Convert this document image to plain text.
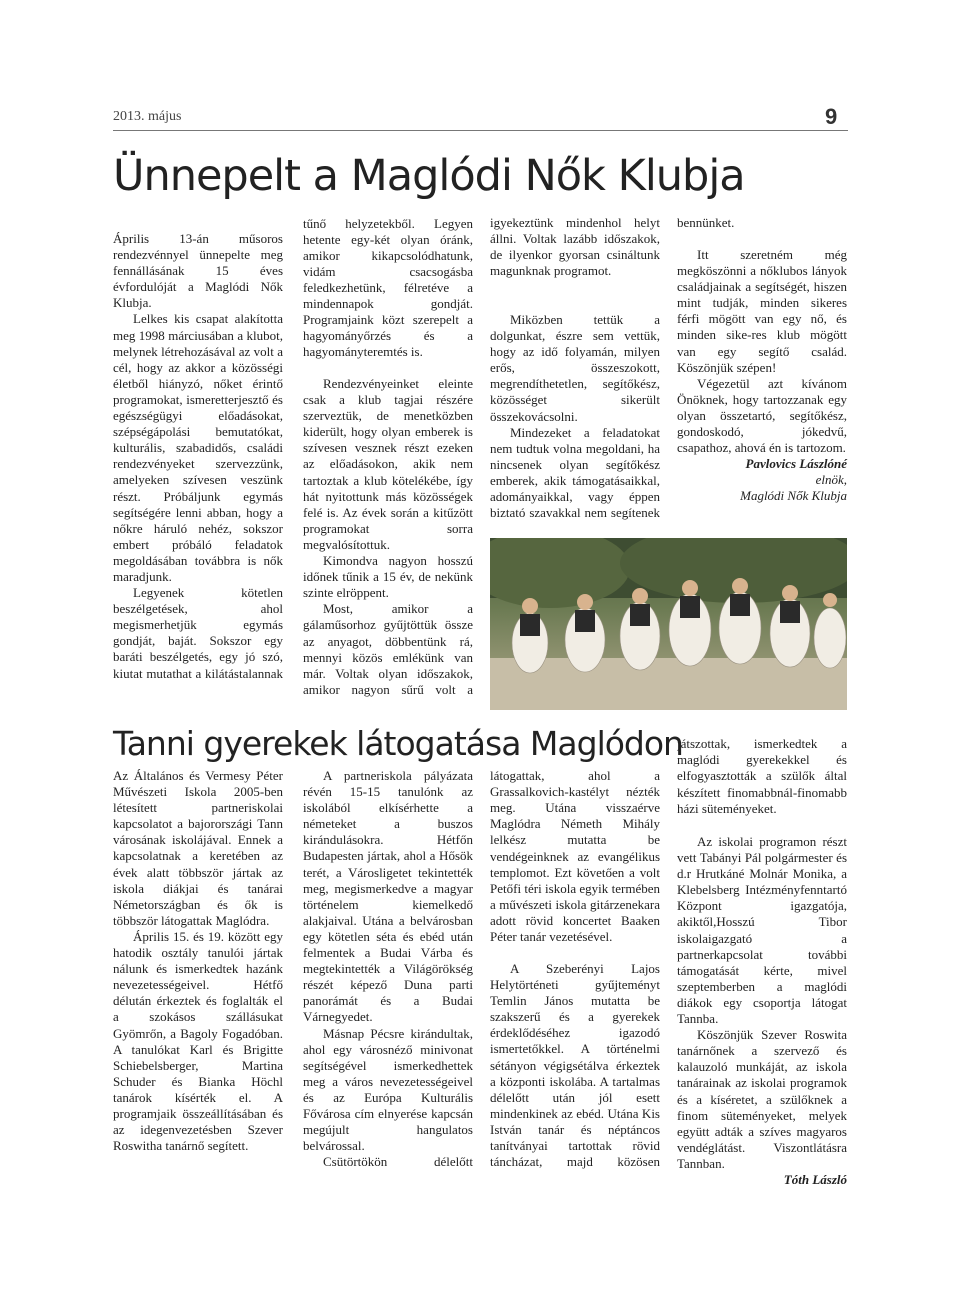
2013. május	9
Ünnepelt a Maglódi Nők Klubja

Április 13-án műsoros rendezvénnyel ünnepelte meg fennállásának 15 éves évfordulóját a Maglódi Nők Klubja.

Lelkes kis csapat alakította meg 1998 márciusában a klubot, melynek létrehozásával az volt a cél, hogy az akkor a közösségi életből hiányzó, nőket érintő programokat, ismeretterjesztő és egészségügyi előadásokat, szépségápolási bemutatókat, kulturális, szabadidős, családi rendezvényeket szervezzünk, amelyeken szívesen veszünk részt. Próbáljunk egymás segítségére lenni abban, hogy a nőkre háruló nehéz, sokszor embert próbáló feladatok megoldásában továbbra is nők maradjunk.

Legyenek kötetlen beszélgetések, ahol megismerhetjük egymás gondját, baját. Sokszor egy baráti beszélgetés, egy jó szó, kiutat mutathat a kilátástalannak

tűnő helyzetekből. Legyen hetente egy-két olyan óránk, amikor kikapcsolódhatunk, vidám csacsogásba feledkezhetünk, félretéve a mindennapok gondját. Programjaink közt szerepelt a hagyományőrzés és a hagyományteremtés is.

Rendezvényeinket eleinte csak a klub tagjai részére szerveztük, de menetközben kiderült, hogy olyan emberek is szívesen vesznek részt ezeken az előadásokon, akik nem tartoztak a klub kötelékébe, így hát nyitottunk más közösségek felé is. Az évek során a kitűzött programokat sorra megvalósítottuk.

Kimondva nagyon hosszú időnek tűnik a 15 év, de nekünk szinte elröppent.

Most, amikor a gálaműsorhoz gyűjtöttük össze az anyagot, döbbentünk rá, mennyi közös emlékünk van már. Voltak olyan időszakok, amikor nagyon sűrű volt a

igyekeztünk mindenhol helyt állni. Voltak lazább időszakok, de ilyenkor gyorsan csináltunk magunknak programot.

Miközben tettük a dolgunkat, észre sem vettük, hogy az idő folyamán, milyen erős, összeszokott, megrendíthetetlen, segítőkész, közösséget sikerült összekovácsolni.

Mindezeket a feladatokat nem tudtuk volna megoldani, ha nincsenek olyan segítőkész emberek, akik támogatásaikkal, adományaikkal, vagy éppen biztató szavakkal nem segítenek

bennünket.

Itt szeretném még megköszönni a nőklubos lányok családjainak a segítségét, hiszen mint tudják, minden sikeres férfi mögött van egy nő, és minden sike-res klub mögött van egy segítő család. Köszönjük szépen!

Végezetül azt kívánom Önöknek, hogy tartozzanak egy olyan összetartó, segítőkész, gondoskodó, jókedvű, csapathoz, ahová én is tartozom.

Pavlovics Lászlóné
elnök,
Maglódi Nők Klubja
Tanni gyerekek látogatása Maglódon

Az Általános és Vermesy Péter Művészeti Iskola 2005-ben létesített partneriskolai kapcsolatot a bajorországi Tann városának iskolájával. Ennek a kapcsolatnak a keretében az évek alatt többször jártak az iskola diákjai és tanárai Németországban és ők is többször látogattak Maglódra.

Április 15. és 19. között egy hatodik osztály tanulói jártak nálunk és ismerkedtek hazánk nevezetességeivel. Hétfő délután érkeztek és foglalták el a szokásos szállásukat Gyömrőn, a Bagoly Fogadóban. A tanulókat Karl és Brigitte Schiebelsberger, Martina Schuder és Bianka Höchl tanárok kísérték el. A programjaik összeállításában és az idegenvezetésben Szever Roswitha tanárnő segített.

A partneriskola pályázata révén 15-15 tanulónk az iskolából elkísérhette a németeket a buszos kirándulásokra. Hétfőn Budapesten jártak, ahol a Hősök terét, a Városligetet tekintették meg, megismerkedve a magyar történelem kiemelkedő alakjaival. Utána a belvárosban egy kötetlen séta és ebéd után felmentek a Budai Várba és megtekintették a Világörökség részét képező Duna parti panorámát és a Budai Várnegyedet.

Másnap Pécsre kirándultak, ahol egy városnéző minivonat segítségével ismerkedhettek meg a város nevezetességeivel és az Európa Kulturális Fővárosa cím elnyerése kapcsán megújult hangulatos belvárossal.

Csütörtökön délelőtt

látogattak, ahol a Grassalkovich-kastélyt nézték meg. Utána visszaérve Maglódra Németh Mihály lelkész mutatta be vendégeinknek az evangélikus templomot. Ezt követően a volt Petőfi téri iskola egyik termében a művészeti iskola gitárzenekara adott rövid koncertet Baaken Péter tanár vezetésével.

A Szeberényi Lajos Helytörténeti gyűjteményt Temlin János mutatta be szakszerű és a gyerekek érdeklődéséhez igazodó ismertetőkkel. A történelmi sétányon végigsétálva érkeztek a központi iskolába. A tartalmas délelőtt után jól esett mindenkinek az ebéd. Utána Kis István tanár és néptáncos tanítványai tartottak rövid táncházat, majd közösen

játszottak, ismerkedtek a maglódi gyerekekkel és elfogyasztották a szülők által készített finomabbnál-finomabb házi süteményeket.

Az iskolai programon részt vett Tabányi Pál polgármester és d.r Hrutkáné Molnár Monika, a Klebelsberg Intézményfenntartó Központ igazgatója, akiktől,Hosszú Tibor iskolaigazgató a partnerkapcsolat további támogatását kérte, mivel szeptemberben a maglódi diákok egy csoportja látogat Tannba.

Köszönjük Szever Roswita tanárnőnek a szervező és kalauzoló munkáját, az iskola tanárainak az iskolai programok és a kíséretet, a szülőknek a finom süteményeket, melyek együtt adták a szíves magyaros vendéglátást. Viszontlátásra Tannban.

Tóth László
